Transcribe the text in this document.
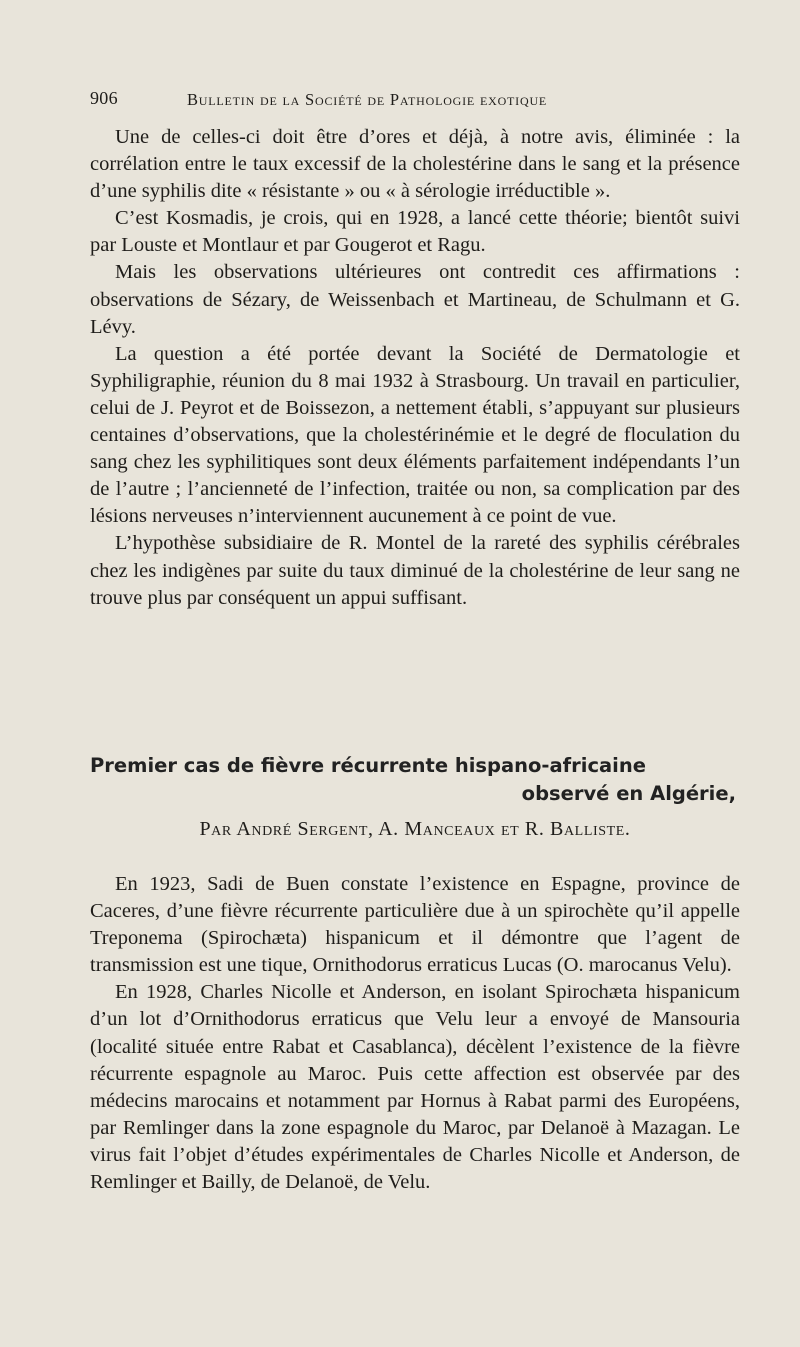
906	Bulletin de la Société de Pathologie exotique

Une de celles-ci doit être d’ores et déjà, à notre avis, éliminée : la corrélation entre le taux excessif de la cholestérine dans le sang et la présence d’une syphilis dite « résistante » ou « à sérologie irréductible ».

C’est Kosmadis, je crois, qui en 1928, a lancé cette théorie; bientôt suivi par Louste et Montlaur et par Gougerot et Ragu.

Mais les observations ultérieures ont contredit ces affirmations : observations de Sézary, de Weissenbach et Martineau, de Schulmann et G. Lévy.

La question a été portée devant la Société de Dermatologie et Syphiligraphie, réunion du 8 mai 1932 à Strasbourg. Un travail en particulier, celui de J. Peyrot et de Boissezon, a nettement établi, s’appuyant sur plusieurs centaines d’observations, que la cholestérinémie et le degré de floculation du sang chez les syphilitiques sont deux éléments parfaitement indépendants l’un de l’autre ; l’ancienneté de l’infection, traitée ou non, sa complication par des lésions nerveuses n’interviennent aucunement à ce point de vue.

L’hypothèse subsidiaire de R. Montel de la rareté des syphilis cérébrales chez les indigènes par suite du taux diminué de la cholestérine de leur sang ne trouve plus par conséquent un appui suffisant.

Premier cas de fièvre récurrente hispano-africaine
observé en Algérie,
Par André Sergent, A. Manceaux et R. Balliste.

En 1923, Sadi de Buen constate l’existence en Espagne, province de Caceres, d’une fièvre récurrente particulière due à un spirochète qu’il appelle Treponema (Spirochæta) hispanicum et il démontre que l’agent de transmission est une tique, Ornithodorus erraticus Lucas (O. marocanus Velu).

En 1928, Charles Nicolle et Anderson, en isolant Spirochæta hispanicum d’un lot d’Ornithodorus erraticus que Velu leur a envoyé de Mansouria (localité située entre Rabat et Casablanca), décèlent l’existence de la fièvre récurrente espagnole au Maroc. Puis cette affection est observée par des médecins marocains et notamment par Hornus à Rabat parmi des Européens, par Remlinger dans la zone espagnole du Maroc, par Delanoë à Mazagan. Le virus fait l’objet d’études expérimentales de Charles Nicolle et Anderson, de Remlinger et Bailly, de Delanoë, de Velu.
